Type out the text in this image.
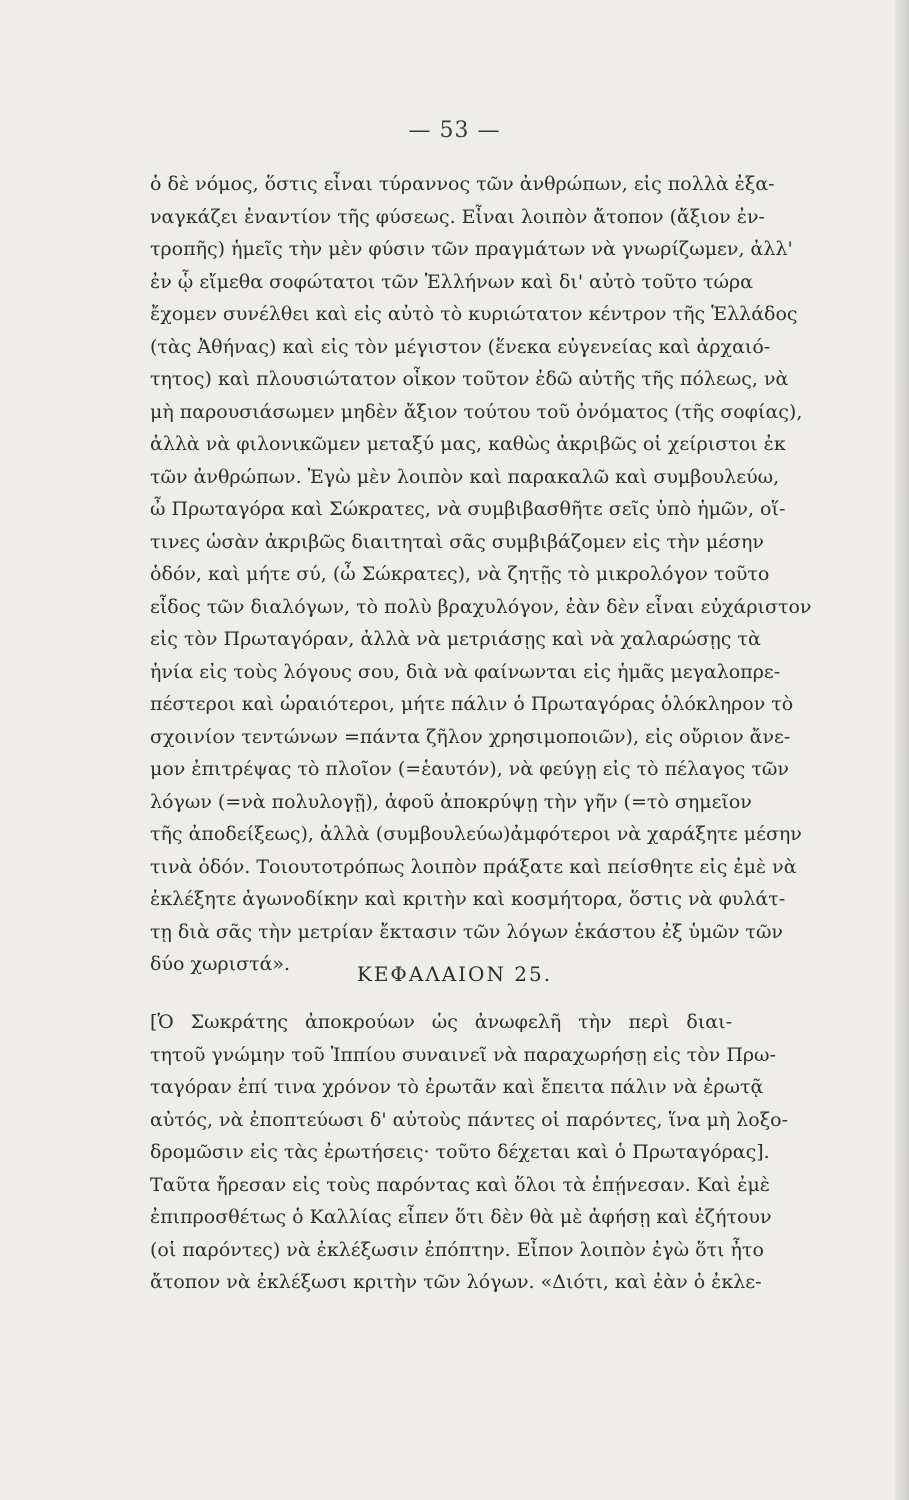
— 53 —
ὁ δὲ νόμος, ὅστις εἶναι τύραννος τῶν ἀνθρώπων, εἰς πολλὰ ἐξα-
ναγκάζει ἐναντίον τῆς φύσεως. Εἶναι λοιπὸν ἄτοπον (ἄξιον ἐν-
τροπῆς) ἡμεῖς τὴν μὲν φύσιν τῶν πραγμάτων νὰ γνωρίζωμεν, ἀλλ'
ἐν ᾧ εἴμεθα σοφώτατοι τῶν Ἑλλήνων καὶ δι' αὐτὸ τοῦτο τώρα
ἔχομεν συνέλθει καὶ εἰς αὐτὸ τὸ κυριώτατον κέντρον τῆς Ἑλλάδος
(τὰς Ἀθήνας) καὶ εἰς τὸν μέγιστον (ἕνεκα εὐγενείας καὶ ἀρχαιό-
τητος) καὶ πλουσιώτατον οἶκον τοῦτον ἐδῶ αὐτῆς τῆς πόλεως, νὰ
μὴ παρουσιάσωμεν μηδὲν ἄξιον τούτου τοῦ ὀνόματος (τῆς σοφίας),
ἀλλὰ νὰ φιλονικῶμεν μεταξύ μας, καθὼς ἀκριβῶς οἱ χείριστοι ἐκ
τῶν ἀνθρώπων. Ἐγὼ μὲν λοιπὸν καὶ παρακαλῶ καὶ συμβουλεύω,
ὦ Πρωταγόρα καὶ Σώκρατες, νὰ συμβιβασθῆτε σεῖς ὑπὸ ἡμῶν, οἵ-
τινες ὡσὰν ἀκριβῶς διαιτηταὶ σᾶς συμβιβάζομεν εἰς τὴν μέσην
ὁδόν, καὶ μήτε σύ, (ὦ Σώκρατες), νὰ ζητῇς τὸ μικρολόγον τοῦτο
εἶδος τῶν διαλόγων, τὸ πολὺ βραχυλόγον, ἐὰν δὲν εἶναι εὐχάριστον
εἰς τὸν Πρωταγόραν, ἀλλὰ νὰ μετριάσῃς καὶ νὰ χαλαρώσῃς τὰ
ἡνία εἰς τοὺς λόγους σου, διὰ νὰ φαίνωνται εἰς ἡμᾶς μεγαλοπρε-
πέστεροι καὶ ὡραιότεροι, μήτε πάλιν ὁ Πρωταγόρας ὁλόκληρον τὸ
σχοινίον τεντώνων =πάντα ζῆλον χρησιμοποιῶν), εἰς οὔριον ἄνε-
μον ἐπιτρέψας τὸ πλοῖον (=ἑαυτόν), νὰ φεύγῃ εἰς τὸ πέλαγος τῶν
λόγων (=νὰ πολυλογῇ), ἀφοῦ ἀποκρύψῃ τὴν γῆν (=τὸ σημεῖον
τῆς ἀποδείξεως), ἀλλὰ (συμβουλεύω)ἀμφότεροι νὰ χαράξητε μέσην
τινὰ ὁδόν. Τοιουτοτρόπως λοιπὸν πράξατε καὶ πείσθητε εἰς ἐμὲ νὰ
ἐκλέξητε ἀγωνοδίκην καὶ κριτὴν καὶ κοσμήτορα, ὅστις νὰ φυλάτ-
τῃ διὰ σᾶς τὴν μετρίαν ἔκτασιν τῶν λόγων ἑκάστου ἐξ ὑμῶν τῶν
δύο χωριστά».	ΚΕΦΑΛΑΙΟΝ 25.
[Ὁ Σωκράτης ἀποκρούων ὡς ἀνωφελῆ τὴν περὶ διαι-
τητοῦ γνώμην τοῦ Ἱππίου συναινεῖ νὰ παραχωρήσῃ εἰς τὸν Πρω-
ταγόραν ἐπί τινα χρόνον τὸ ἐρωτᾶν καὶ ἔπειτα πάλιν νὰ ἐρωτᾷ
αὐτός, νὰ ἐποπτεύωσι δ' αὐτοὺς πάντες οἱ παρόντες, ἵνα μὴ λοξο-
δρομῶσιν εἰς τὰς ἐρωτήσεις· τοῦτο δέχεται καὶ ὁ Πρωταγόρας].
Ταῦτα ἤρεσαν εἰς τοὺς παρόντας καὶ ὅλοι τὰ ἐπῄνεσαν. Καὶ ἐμὲ
ἐπιπροσθέτως ὁ Καλλίας εἶπεν ὅτι δὲν θὰ μὲ ἀφήσῃ καὶ ἐζήτουν
(οἱ παρόντες) νὰ ἐκλέξωσιν ἐπόπτην. Εἶπον λοιπὸν ἐγὼ ὅτι ἦτο
ἄτοπον νὰ ἐκλέξωσι κριτὴν τῶν λόγων. «Διότι, καὶ ἐὰν ὁ ἐκλε-
